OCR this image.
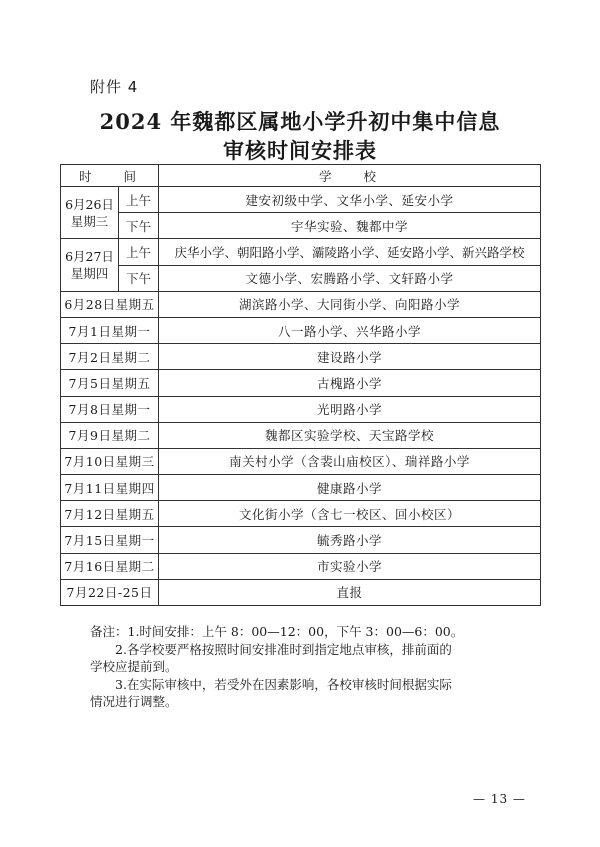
附件 4
2024 年魏都区属地小学升初中集中信息
审核时间安排表
时 间		学 校

6月26日
星期三	上午	建安初级中学、文华小学、延安小学
	下午	宇华实验、魏都中学

6月27日
星期四	上午	庆华小学、朝阳路小学、灞陵路小学、延安路小学、新兴路学校
	下午	文德小学、宏腾路小学、文轩路小学
6月28日星期五		湖滨路小学、大同街小学、向阳路小学
7月1日星期一		八一路小学、兴华路小学
7月2日星期二		建设路小学
7月5日星期五		古槐路小学
7月8日星期一		光明路小学
7月9日星期二		魏都区实验学校、天宝路学校
7月10日星期三		南关村小学（含裴山庙校区）、瑞祥路小学
7月11日星期四		健康路小学
7月12日星期五		文化街小学（含七一校区、回小校区）
7月15日星期一		毓秀路小学
7月16日星期二		市实验小学
7月22日-25日		直报

备注：1.时间安排：上午 8：00—12：00，下午 3：00—6：00。

2.各学校要严格按照时间安排准时到指定地点审核，排前面的

学校应提前到。

3.在实际审核中，若受外在因素影响，各校审核时间根据实际

情况进行调整。

— 13 —
